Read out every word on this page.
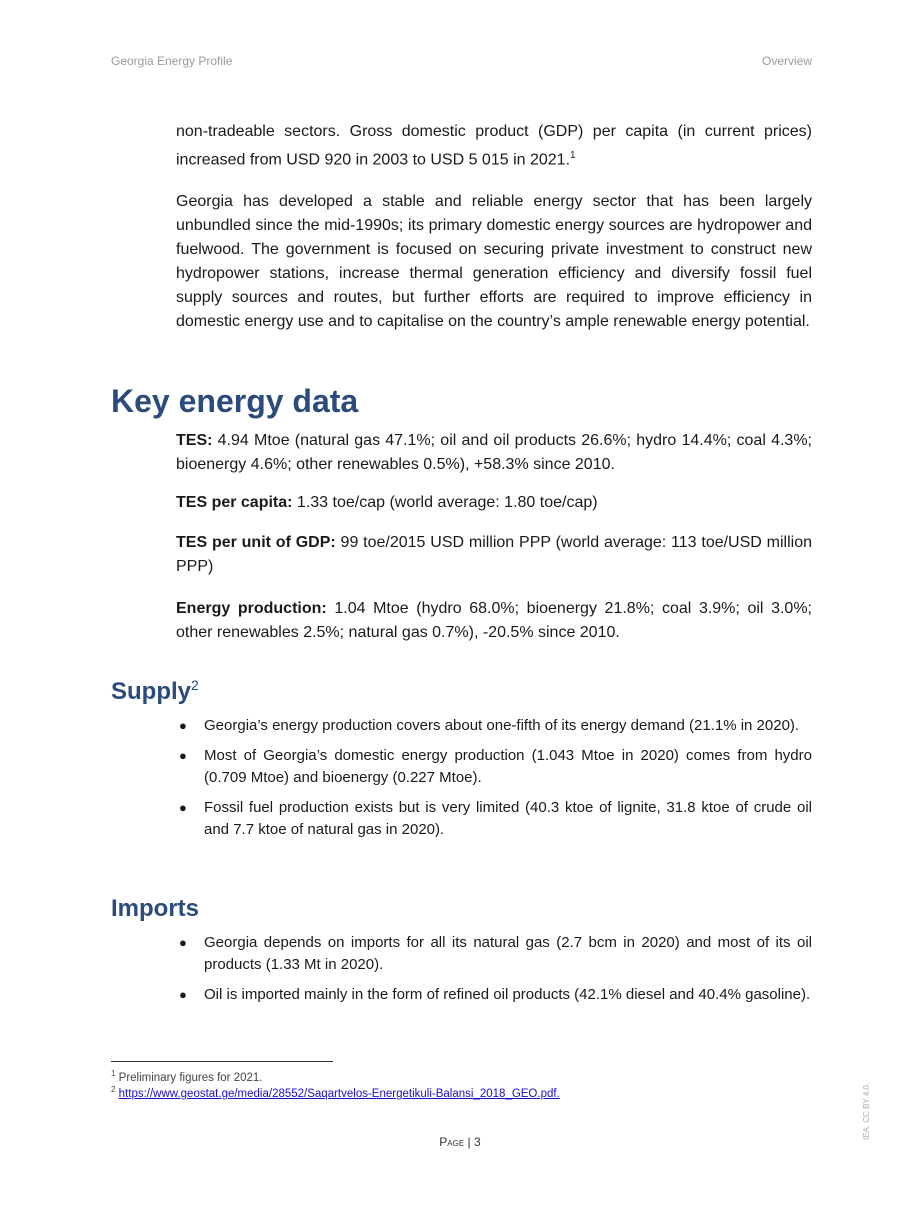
Georgia Energy Profile	Overview

non-tradeable sectors. Gross domestic product (GDP) per capita (in current prices) increased from USD 920 in 2003 to USD 5 015 in 2021.$^1$

Georgia has developed a stable and reliable energy sector that has been largely unbundled since the mid-1990s; its primary domestic energy sources are hydropower and fuelwood. The government is focused on securing private investment to construct new hydropower stations, increase thermal generation efficiency and diversify fossil fuel supply sources and routes, but further efforts are required to improve efficiency in domestic energy use and to capitalise on the country’s ample renewable energy potential.

Key energy data

TES: 4.94 Mtoe (natural gas 47.1%; oil and oil products 26.6%; hydro 14.4%; coal 4.3%; bioenergy 4.6%; other renewables 0.5%), +58.3% since 2010.

TES per capita: 1.33 toe/cap (world average: 1.80 toe/cap)

TES per unit of GDP: 99 toe/2015 USD million PPP (world average: 113 toe/USD million PPP)

Energy production: 1.04 Mtoe (hydro 68.0%; bioenergy 21.8%; coal 3.9%; oil 3.0%; other renewables 2.5%; natural gas 0.7%), -20.5% since 2010.

Supply$^2$
● Georgia’s energy production covers about one-fifth of its energy demand (21.1% in 2020).
● Most of Georgia’s domestic energy production (1.043 Mtoe in 2020) comes from hydro (0.709 Mtoe) and bioenergy (0.227 Mtoe).
● Fossil fuel production exists but is very limited (40.3 ktoe of lignite, 31.8 ktoe of crude oil and 7.7 ktoe of natural gas in 2020).
Imports
● Georgia depends on imports for all its natural gas (2.7 bcm in 2020) and most of its oil products (1.33 Mt in 2020).
● Oil is imported mainly in the form of refined oil products (42.1% diesel and 40.4% gasoline).
$^1$ Preliminary figures for 2021.
$^2$ https://www.geostat.ge/media/28552/Saqartvelos-Energetikuli-Balansi_2018_GEO.pdf.
Page | 3
IEA. CC BY 4.0.
